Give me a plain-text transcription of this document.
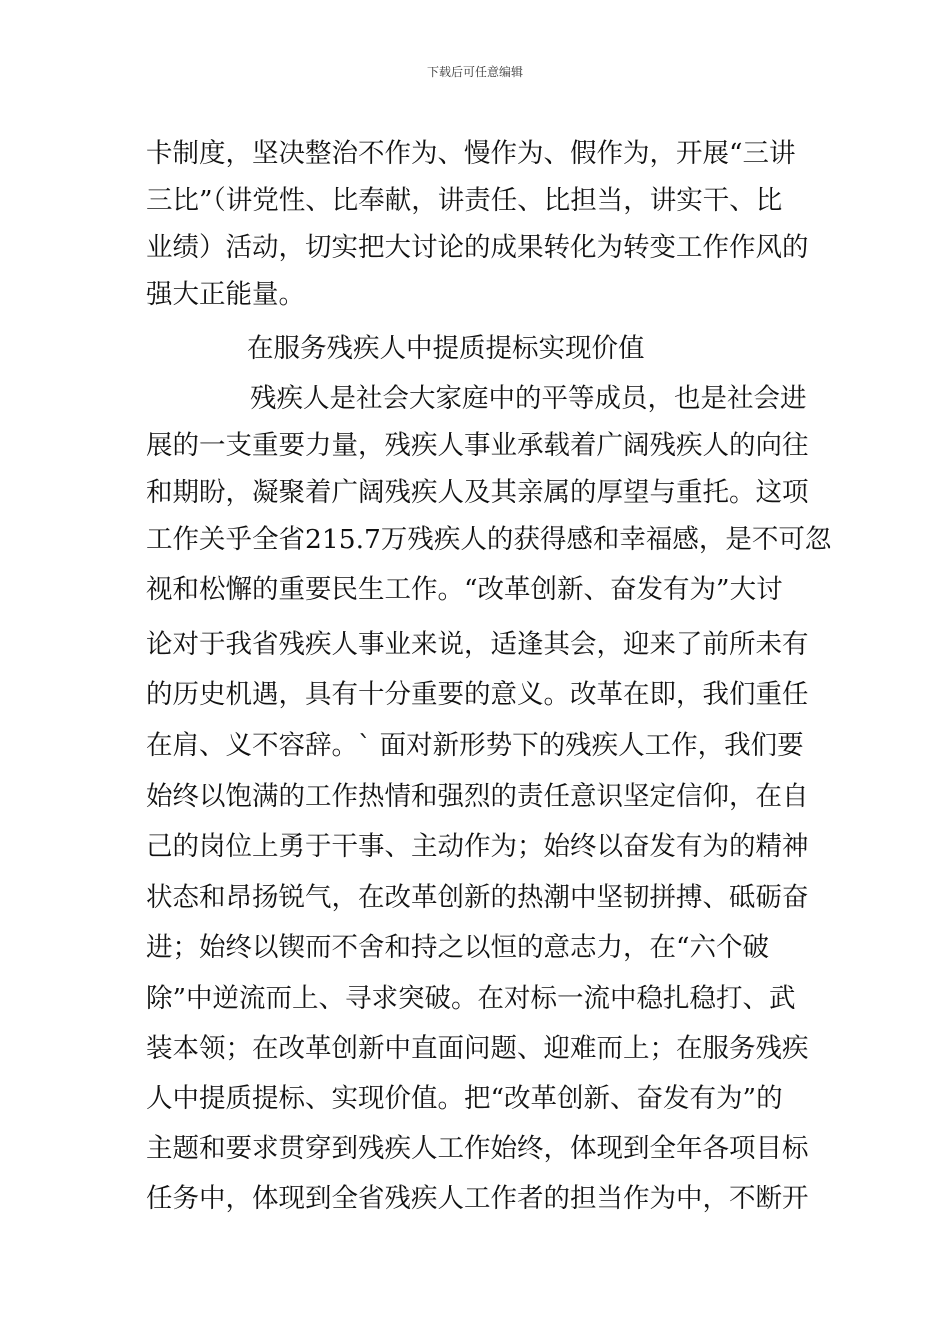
下载后可任意编辑
卡制度，坚决整治不作为、慢作为、假作为，开展“三讲
三比”（讲党性、比奉献，讲责任、比担当，讲实干、比
业绩）活动，切实把大讨论的成果转化为转变工作作风的
强大正能量。
在服务残疾人中提质提标实现价值
残疾人是社会大家庭中的平等成员，也是社会进
展的一支重要力量，残疾人事业承载着广阔残疾人的向往
和期盼，凝聚着广阔残疾人及其亲属的厚望与重托。这项
工作关乎全省215.7万残疾人的获得感和幸福感，是不可忽
视和松懈的重要民生工作。“改革创新、奋发有为”大讨
论对于我省残疾人事业来说，适逢其会，迎来了前所未有
的历史机遇，具有十分重要的意义。改革在即，我们重任
在肩、义不容辞。` 面对新形势下的残疾人工作，我们要
始终以饱满的工作热情和强烈的责任意识坚定信仰，在自
己的岗位上勇于干事、主动作为；始终以奋发有为的精神
状态和昂扬锐气，在改革创新的热潮中坚韧拼搏、砥砺奋
进；始终以锲而不舍和持之以恒的意志力，在“六个破
除”中逆流而上、寻求突破。在对标一流中稳扎稳打、武
装本领；在改革创新中直面问题、迎难而上；在服务残疾
人中提质提标、实现价值。把“改革创新、奋发有为”的
主题和要求贯穿到残疾人工作始终，体现到全年各项目标
任务中，体现到全省残疾人工作者的担当作为中，不断开
